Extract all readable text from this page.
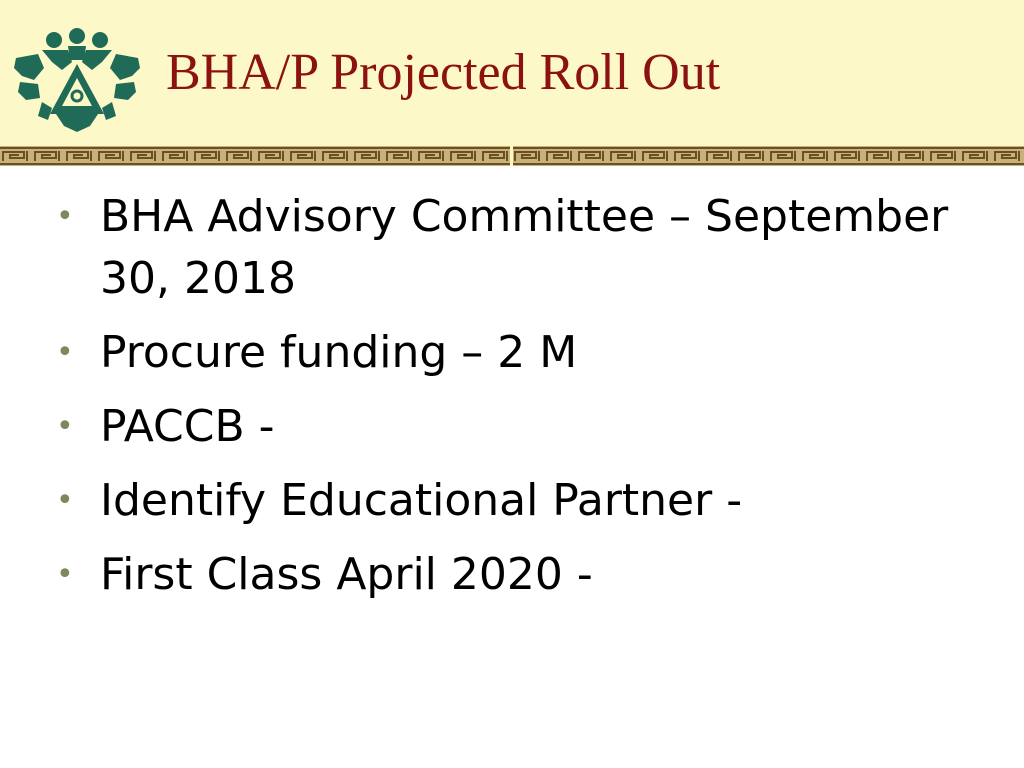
BHA/P Projected Roll Out
• BHA Advisory Committee – September 30, 2018
• Procure funding – 2 M
• PACCB -
• Identify Educational Partner -
• First Class April 2020 -
